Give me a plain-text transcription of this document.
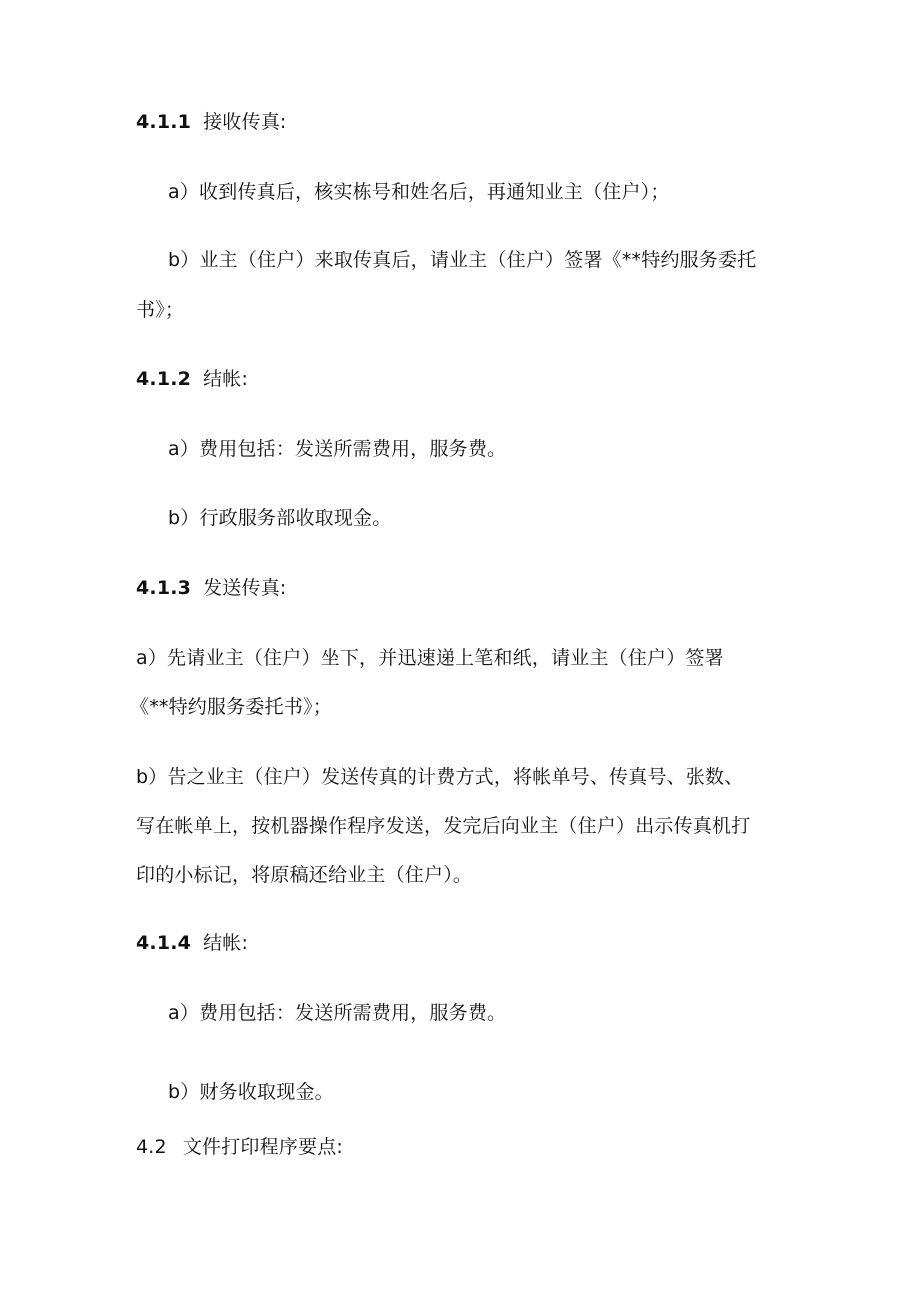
4.1.1 接收传真:
a）收到传真后，核实栋号和姓名后，再通知业主（住户）；
b）业主（住户）来取传真后，请业主（住户）签署《**特约服务委托
书》；
4.1.2 结帐:
a）费用包括：发送所需费用，服务费。
b）行政服务部收取现金。
4.1.3 发送传真:
a）先请业主（住户）坐下，并迅速递上笔和纸，请业主（住户）签署
《**特约服务委托书》；
b）告之业主（住户）发送传真的计费方式，将帐单号、传真号、张数、
写在帐单上，按机器操作程序发送，发完后向业主（住户）出示传真机打
印的小标记，将原稿还给业主（住户）。
4.1.4 结帐:
a）费用包括：发送所需费用，服务费。
b）财务收取现金。
4.2 文件打印程序要点:
